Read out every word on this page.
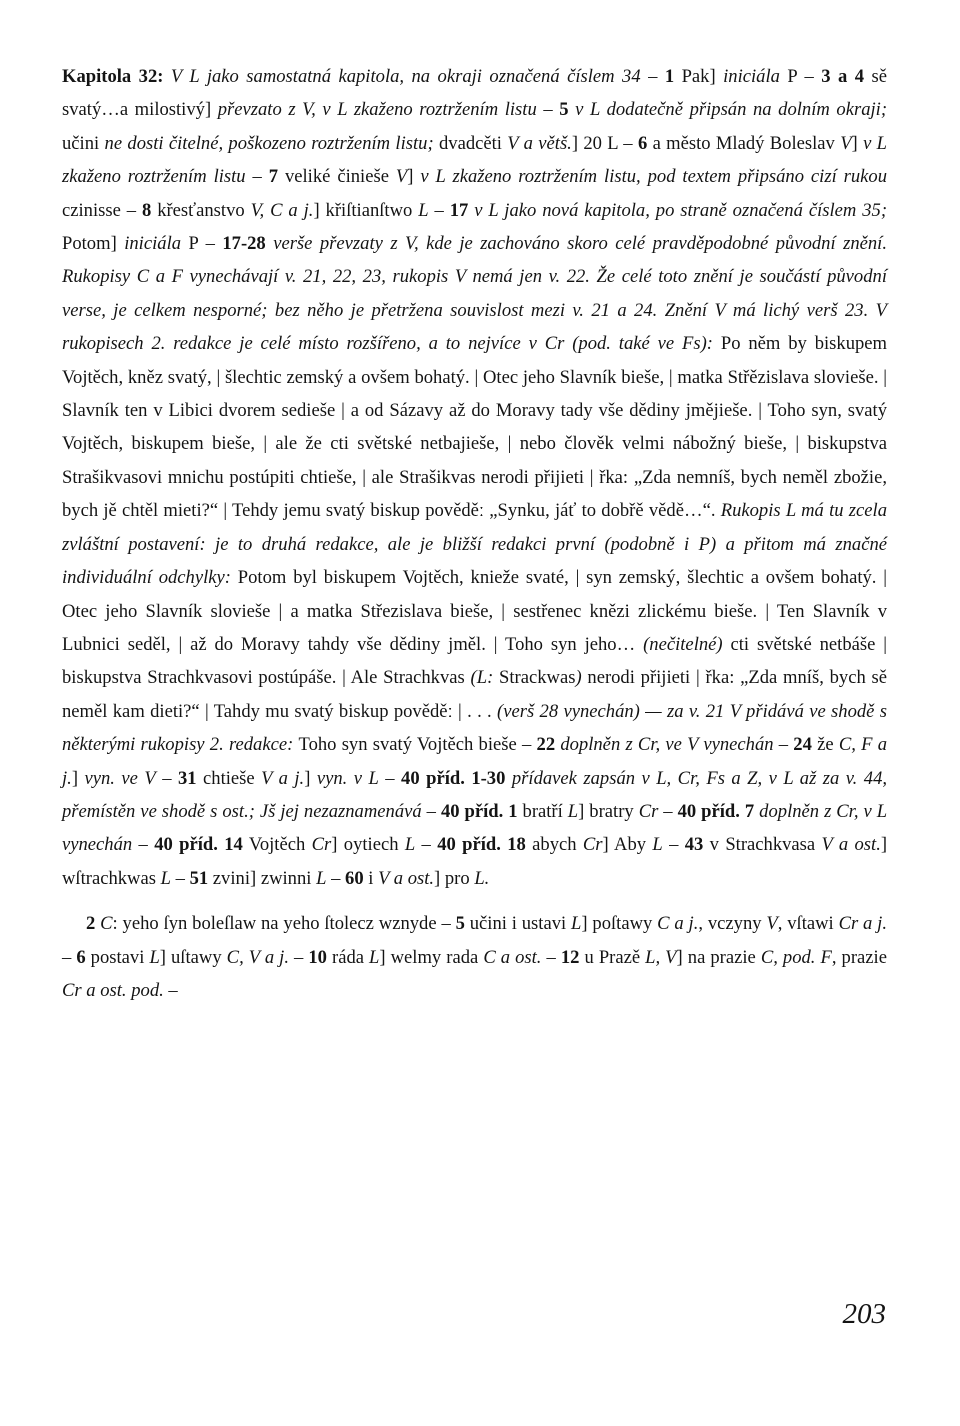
Kapitola 32: V L jako samostatná kapitola, na okraji označená číslem 34 – 1 Pak] iniciála P – 3 a 4 sě svatý…a milostivý] převzato z V, v L zkaženo roztržením listu – 5 v L dodatečně připsán na dolním okraji; učini ne dosti čitelné, poškozeno roztržením listu; dvadcěti V a větš.] 20 L – 6 a město Mladý Boleslav V] v L zkaženo roztržením listu – 7 veliké činieše V] v L zkaženo roztržením listu, pod textem připsáno cizí rukou czinisse – 8 křesťanstvo V, C a j.] křiſtianſtwo L – 17 v L jako nová kapitola, po straně označená číslem 35; Potom] iniciála P – 17-28 verše převzaty z V, kde je zachováno skoro celé pravděpodobné původní znění. Rukopisy C a F vynechávají v. 21, 22, 23, rukopis V nemá jen v. 22. Že celé toto znění je součástí původní verse, je celkem nesporné; bez něho je přetržena souvislost mezi v. 21 a 24. Znění V má lichý verš 23. V rukopisech 2. redakce je celé místo rozšířeno, a to nejvíce v Cr (pod. také ve Fs): Po něm by biskupem Vojtěch, kněz svatý, | šlechtic zemský a ovšem bohatý. | Otec jeho Slavník bieše, | matka Střězislava slovieše. | Slavník ten v Libici dvorem sedieše | a od Sázavy až do Moravy tady vše dědiny jmějieše. | Toho syn, svatý Vojtěch, biskupem bieše, | ale že cti světské netbajieše, | nebo člověk velmi nábožný bieše, | biskupstva Strašikvasovi mnichu postúpiti chtieše, | ale Strašikvas nerodi přijieti | řka: „Zda nemníš, bych neměl zbožie, bych jě chtěl mieti?“ | Tehdy jemu svatý biskup pověděː „Synku, jáť to dobřě vědě…“. Rukopis L má tu zcela zvláštní postavení: je to druhá redakce, ale je bližší redakci první (podobně i P) a přitom má značné individuální odchylky: Potom byl biskupem Vojtěch, knieže svaté, | syn zemský, šlechtic a ovšem bohatý. | Otec jeho Slavník slovieše | a matka Střezislava bieše, | sestřenec knězi zlickému bieše. | Ten Slavník v Lubnici seděl, | až do Moravy tahdy vše dědiny jměl. | Toho syn jeho… (nečitelné) cti světské netbáše | biskupstva Strachkvasovi postúpáše. | Ale Strachkvas (L: Strackwas) nerodi přijieti | řka: „Zda mníš, bych sě neměl kam dieti?“ | Tahdy mu svatý biskup pověděː | . . . (verš 28 vynechán) — za v. 21 V přidává ve shodě s některými rukopisy 2. redakce: Toho syn svatý Vojtěch bieše – 22 doplněn z Cr, ve V vynechán – 24 že C, F a j.] vyn. ve V – 31 chtieše V a j.] vyn. v L – 40 příd. 1-30 přídavek zapsán v L, Cr, Fs a Z, v L až za v. 44, přemístěn ve shodě s ost.; Jš jej nezaznamenává – 40 příd. 1 bratří L] bratry Cr – 40 příd. 7 doplněn z Cr, v L vynechán – 40 příd. 14 Vojtěch Cr] oytiech L – 40 příd. 18 abych Cr] Aby L – 43 v Strachkvasa V a ost.] wſtrachkwas L – 51 zvini] zwinni L – 60 i V a ost.] pro L.

2 C: yeho ſyn boleſlaw na yeho ſtolecz wznyde – 5 učini i ustavi L] poſtawy C a j., vczyny V, vſtawi Cr a j. – 6 postavi L] uſtawy C, V a j. – 10 ráda L] welmy rada C a ost. – 12 u Prazě L, V] na prazie C, pod. F, prazie Cr a ost. pod. –

203
